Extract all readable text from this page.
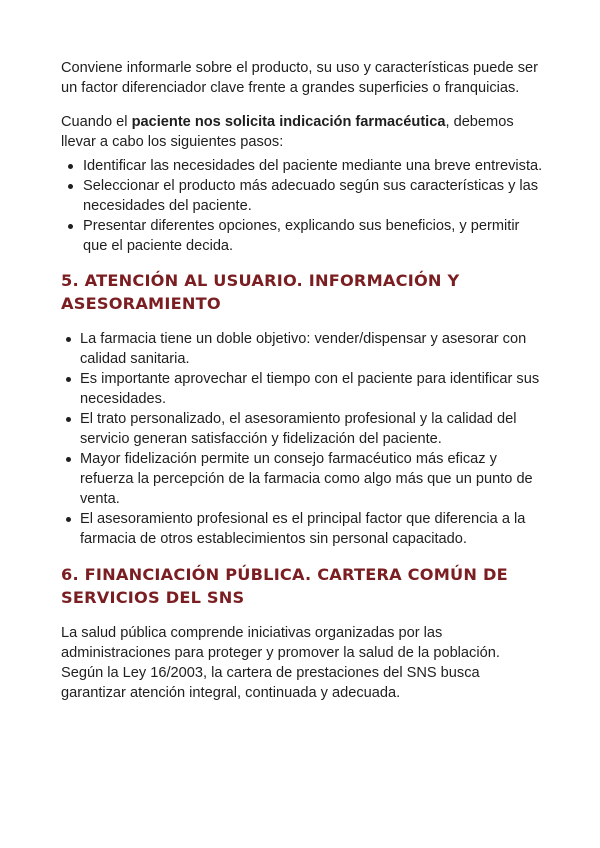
Conviene informarle sobre el producto, su uso y características puede ser un factor diferenciador clave frente a grandes superficies o franquicias.

Cuando el paciente nos solicita indicación farmacéutica, debemos llevar a cabo los siguientes pasos:

Identificar las necesidades del paciente mediante una breve entrevista.
Seleccionar el producto más adecuado según sus características y las necesidades del paciente.
Presentar diferentes opciones, explicando sus beneficios, y permitir que el paciente decida.
5. ATENCIÓN AL USUARIO. INFORMACIÓN Y ASESORAMIENTO
La farmacia tiene un doble objetivo: vender/dispensar y asesorar con calidad sanitaria.
Es importante aprovechar el tiempo con el paciente para identificar sus necesidades.
El trato personalizado, el asesoramiento profesional y la calidad del servicio generan satisfacción y fidelización del paciente.
Mayor fidelización permite un consejo farmacéutico más eficaz y refuerza la percepción de la farmacia como algo más que un punto de venta.
El asesoramiento profesional es el principal factor que diferencia a la farmacia de otros establecimientos sin personal capacitado.
6. FINANCIACIÓN PÚBLICA. CARTERA COMÚN DE SERVICIOS DEL SNS

La salud pública comprende iniciativas organizadas por las administraciones para proteger y promover la salud de la población. Según la Ley 16/2003, la cartera de prestaciones del SNS busca garantizar atención integral, continuada y adecuada.
